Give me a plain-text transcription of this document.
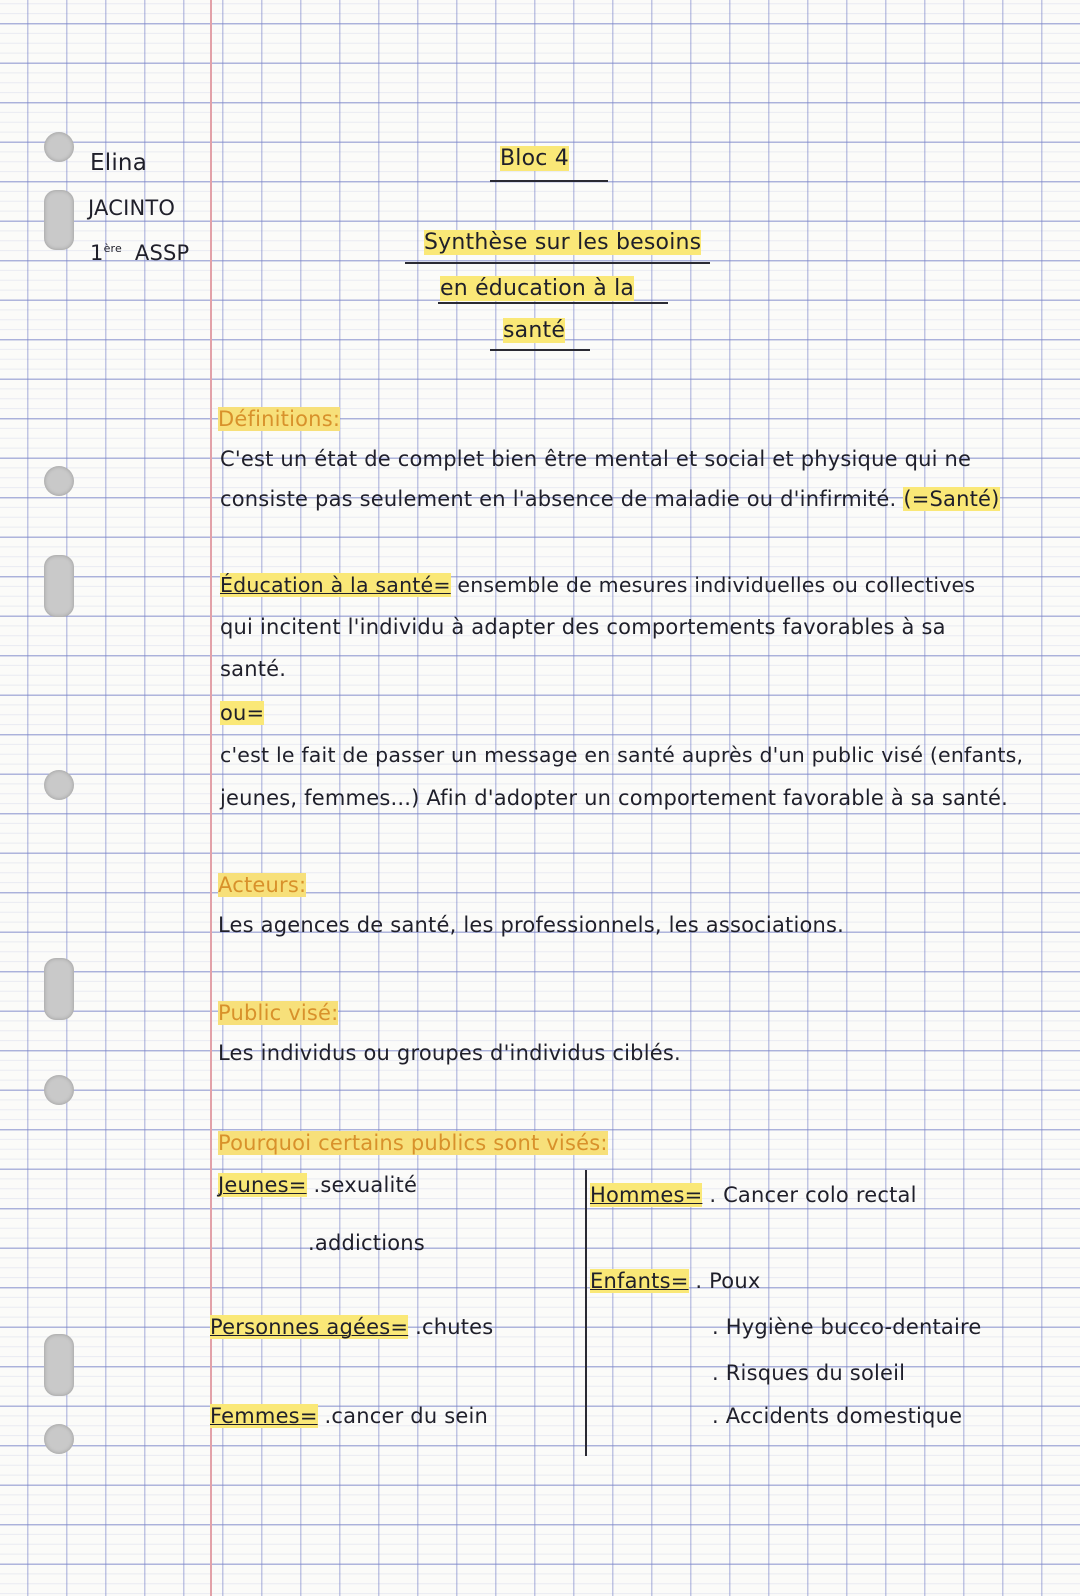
Elina
JACINTO
1ère ASSP
Bloc 4
Synthèse sur les besoins
en éducation à la
santé
Définitions:
C'est un état de complet bien être mental et social et physique qui ne
consiste pas seulement en l'absence de maladie ou d'infirmité. (=Santé)
Éducation à la santé= ensemble de mesures individuelles ou collectives
qui incitent l'individu à adapter des comportements favorables à sa
santé.
ou=
c'est le fait de passer un message en santé auprès d'un public visé (enfants,
jeunes, femmes...) Afin d'adopter un comportement favorable à sa santé.
Acteurs:
Les agences de santé, les professionnels, les associations.
Public visé:
Les individus ou groupes d'individus ciblés.
Pourquoi certains publics sont visés:
Jeunes= .sexualité
.addictions
Personnes agées= .chutes
Femmes= .cancer du sein
Hommes= . Cancer colo rectal
Enfants= . Poux
. Hygiène bucco-dentaire
. Risques du soleil
. Accidents domestique
